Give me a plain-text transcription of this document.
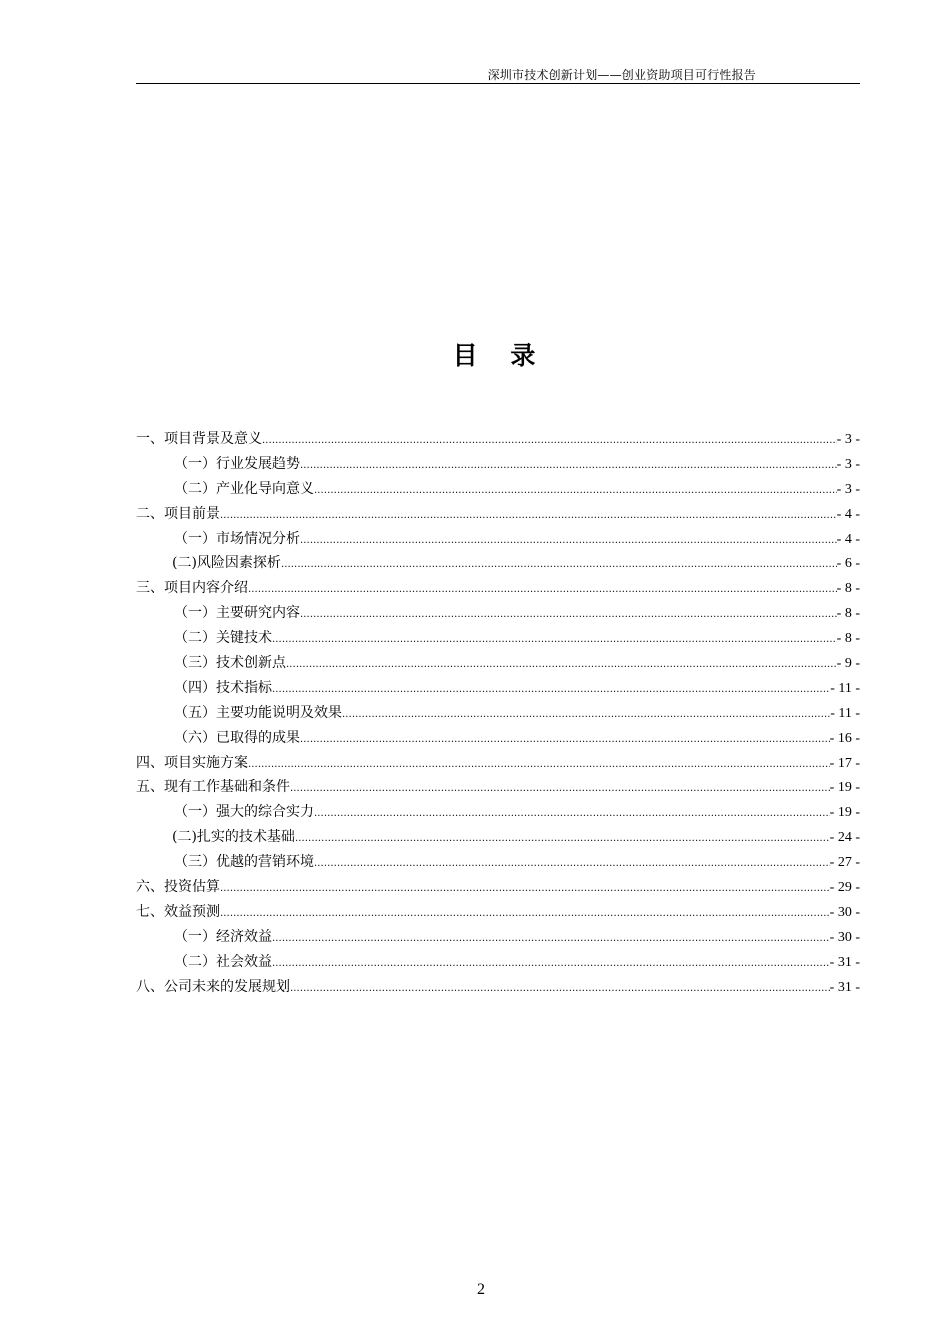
深圳市技术创新计划——创业资助项目可行性报告
目 录
一、项目背景及意义 .....	- 3 -
（一）行业发展趋势 .....	- 3 -
（二）产业化导向意义 .....	- 3 -
二、项目前景 .....	- 4 -
（一）市场情况分析 .....	- 4 -
(二)风险因素探析 .....	- 6 -
三、项目内容介绍 .....	- 8 -
（一）主要研究内容 .....	- 8 -
（二）关键技术 .....	- 8 -
（三）技术创新点 .....	- 9 -
（四）技术指标 .....	- 11 -
（五）主要功能说明及效果 .....	- 11 -
（六）已取得的成果 .....	- 16 -
四、项目实施方案 .....	- 17 -
五、现有工作基础和条件 .....	- 19 -
（一）强大的综合实力 .....	- 19 -
(二)扎实的技术基础 .....	- 24 -
（三）优越的营销环境 .....	- 27 -
六、投资估算 .....	- 29 -
七、效益预测 .....	- 30 -
（一）经济效益 .....	- 30 -
（二）社会效益 .....	- 31 -
八、公司未来的发展规划 .....	- 31 -
2
